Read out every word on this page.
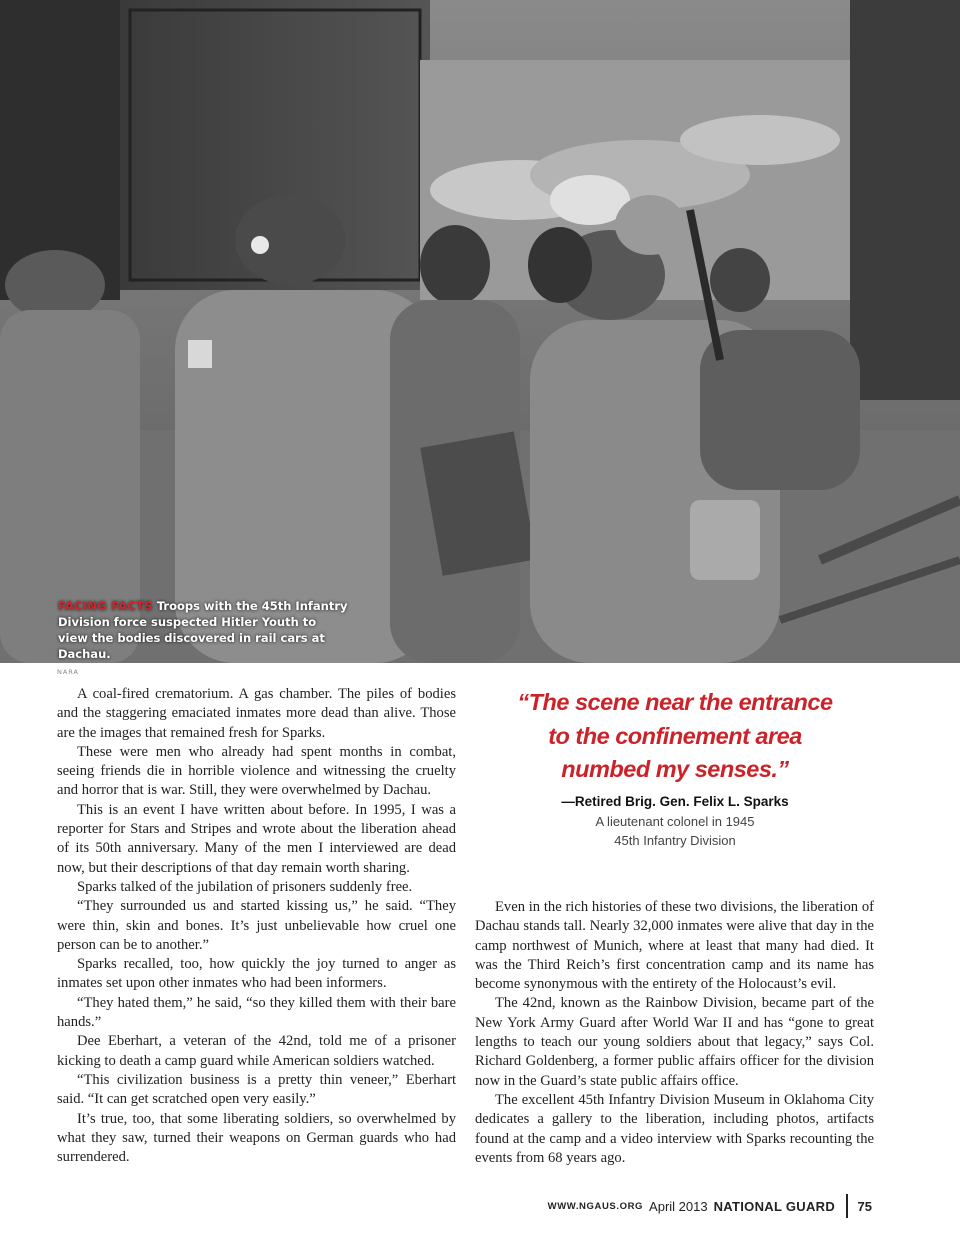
FACING FACTS Troops with the 45th Infantry Division force suspected Hitler Youth to view the bodies discovered in rail cars at Dachau.
NARA

A coal-fired crematorium. A gas chamber. The piles of bodies and the staggering emaciated inmates more dead than alive. Those are the images that remained fresh for Sparks.

These were men who already had spent months in combat, seeing friends die in horrible violence and witnessing the cruelty and horror that is war. Still, they were overwhelmed by Dachau.

This is an event I have written about before. In 1995, I was a reporter for Stars and Stripes and wrote about the liberation ahead of its 50th anniversary. Many of the men I interviewed are dead now, but their descriptions of that day remain worth sharing.

Sparks talked of the jubilation of prisoners suddenly free.

“They surrounded us and started kissing us,” he said. “They were thin, skin and bones. It’s just unbelievable how cruel one person can be to another.”

Sparks recalled, too, how quickly the joy turned to anger as inmates set upon other inmates who had been informers.

“They hated them,” he said, “so they killed them with their bare hands.”

Dee Eberhart, a veteran of the 42nd, told me of a prisoner kicking to death a camp guard while American soldiers watched.

“This civilization business is a pretty thin veneer,” Eberhart said. “It can get scratched open very easily.”

It’s true, too, that some liberating soldiers, so overwhelmed by what they saw, turned their weapons on German guards who had surrendered.

“The scene near the entrance
to the confinement area
numbed my senses.”
—Retired Brig. Gen. Felix L. Sparks
A lieutenant colonel in 1945
45th Infantry Division

Even in the rich histories of these two divisions, the liberation of Dachau stands tall. Nearly 32,000 inmates were alive that day in the camp northwest of Munich, where at least that many had died. It was the Third Reich’s first concentration camp and its name has become synonymous with the entirety of the Holocaust’s evil.

The 42nd, known as the Rainbow Division, became part of the New York Army Guard after World War II and has “gone to great lengths to teach our young soldiers about that legacy,” says Col. Richard Goldenberg, a former public affairs officer for the division now in the Guard’s state public affairs office.

The excellent 45th Infantry Division Museum in Oklahoma City dedicates a gallery to the liberation, including photos, artifacts found at the camp and a video interview with Sparks recounting the events from 68 years ago.

WWW.NGAUS.ORG April 2013 NATIONAL GUARD 75
